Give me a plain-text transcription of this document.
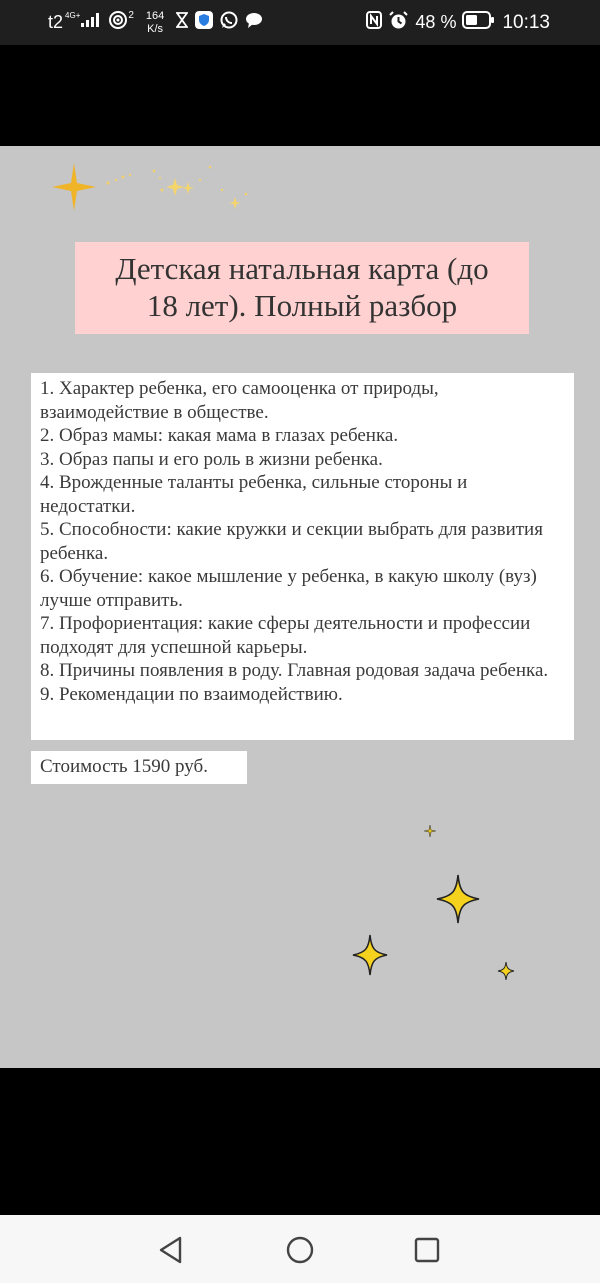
t2 4G+	2 164
K/s	48 % 10:13
Детская натальная карта (до
18 лет). Полный разбор
1. Характер ребенка, его самооценка от природы, взаимодействие в обществе.
2. Образ мамы: какая мама в глазах ребенка.
3. Образ папы и его роль в жизни ребенка.
4. Врожденные таланты ребенка, сильные стороны и недостатки.
5. Способности: какие кружки и секции выбрать для развития ребенка.
6. Обучение: какое мышление у ребенка, в какую школу (вуз) лучше отправить.
7. Профориентация: какие сферы деятельности и профессии подходят для успешной карьеры.
8. Причины появления в роду. Главная родовая задача ребенка.
9. Рекомендации по взаимодействию.
Стоимость 1590 руб.
